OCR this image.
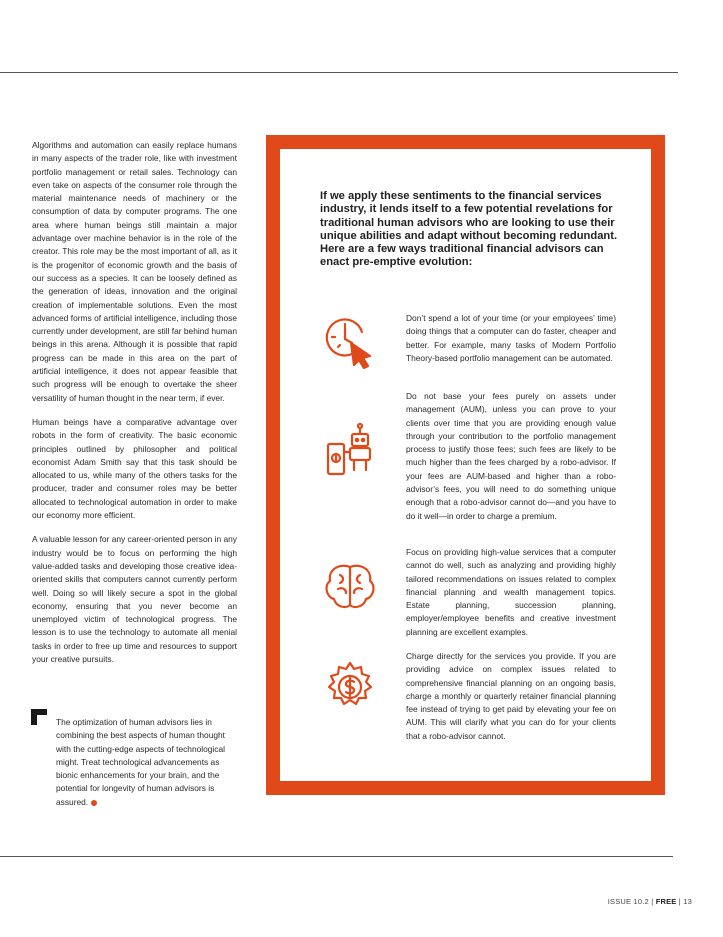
Algorithms and automation can easily replace humans in many aspects of the trader role, like with investment portfolio management or retail sales. Technology can even take on aspects of the consumer role through the material maintenance needs of machinery or the consumption of data by computer programs. The one area where human beings still maintain a major advantage over machine behavior is in the role of the creator. This role may be the most important of all, as it is the progenitor of economic growth and the basis of our success as a species. It can be loosely defined as the generation of ideas, innovation and the original creation of implementable solutions. Even the most advanced forms of artificial intelligence, including those currently under development, are still far behind human beings in this arena. Although it is possible that rapid progress can be made in this area on the part of artificial intelligence, it does not appear feasible that such progress will be enough to overtake the sheer versatility of human thought in the near term, if ever.

Human beings have a comparative advantage over robots in the form of creativity. The basic economic principles outlined by philosopher and political economist Adam Smith say that this task should be allocated to us, while many of the others tasks for the producer, trader and consumer roles may be better allocated to technological automation in order to make our economy more efficient.

A valuable lesson for any career-oriented person in any industry would be to focus on performing the high value-added tasks and developing those creative idea-oriented skills that computers cannot currently perform well. Doing so will likely secure a spot in the global economy, ensuring that you never become an unemployed victim of technological progress. The lesson is to use the technology to automate all menial tasks in order to free up time and resources to support your creative pursuits.

The optimization of human advisors lies in combining the best aspects of human thought with the cutting-edge aspects of technological might. Treat technological advancements as bionic enhancements for your brain, and the potential for longevity of human advisors is assured.
If we apply these sentiments to the financial services industry, it lends itself to a few potential revelations for traditional human advisors who are looking to use their unique abilities and adapt without becoming redundant. Here are a few ways traditional financial advisors can enact pre-emptive evolution:
Don’t spend a lot of your time (or your employees’ time) doing things that a computer can do faster, cheaper and better. For example, many tasks of Modern Portfolio Theory-based portfolio management can be automated.
Do not base your fees purely on assets under management (AUM), unless you can prove to your clients over time that you are providing enough value through your contribution to the portfolio management process to justify those fees; such fees are likely to be much higher than the fees charged by a robo-advisor. If your fees are AUM-based and higher than a robo-advisor’s fees, you will need to do something unique enough that a robo-advisor cannot do—and you have to do it well—in order to charge a premium.
Focus on providing high-value services that a computer cannot do well, such as analyzing and providing highly tailored recommendations on issues related to complex financial planning and wealth management topics. Estate planning, succession planning, employer/employee benefits and creative investment planning are excellent examples.
Charge directly for the services you provide. If you are providing advice on complex issues related to comprehensive financial planning on an ongoing basis, charge a monthly or quarterly retainer financial planning fee instead of trying to get paid by elevating your fee on AUM. This will clarify what you can do for your clients that a robo-advisor cannot.
ISSUE 10.2 | FREE | 13
